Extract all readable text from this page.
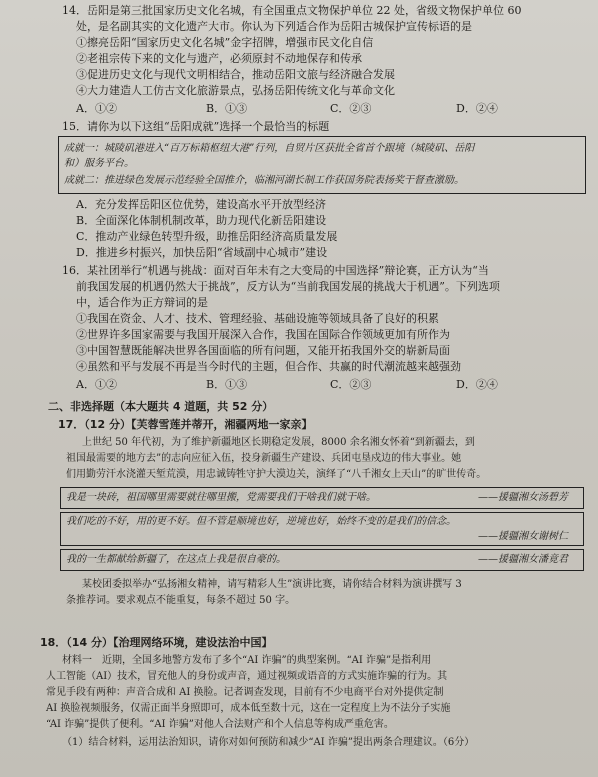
14．岳阳是第三批国家历史文化名城，有全国重点文物保护单位 22 处，省级文物保护单位 60
处，是名副其实的文化遗产大市。你认为下列适合作为岳阳古城保护宣传标语的是
①擦亮岳阳“国家历史文化名城”金字招牌，增强市民文化自信
②老祖宗传下来的文化与遗产，必须原封不动地保存和传承
③促进历史文化与现代文明相结合，推动岳阳文旅与经济融合发展
④大力建造人工仿古文化旅游景点，弘扬岳阳传统文化与革命文化
A．①②	B．①③	C．②③	D．②④
15．请你为以下这组“岳阳成就”选择一个最恰当的标题
成就一：城陵矶港进入“百万标箱枢纽大港”行列，自贸片区获批全省首个跟境（城陵矶、岳阳
和）服务平台。
成就二：推进绿色发展示范经验全国推介，临湘河湖长制工作获国务院表扬奖干督查激励。
A．充分发挥岳阳区位优势，建设高水平开放型经济
B．全面深化体制机制改革，助力现代化新岳阳建设
C．推动产业绿色转型升级，助推岳阳经济高质量发展
D．推进乡村振兴，加快岳阳“省域副中心城市”建设
16．某社团举行“机遇与挑战：面对百年未有之大变局的中国选择”辩论赛，正方认为“当
前我国发展的机遇仍然大于挑战”，反方认为“当前我国发展的挑战大于机遇”。下列选项
中，适合作为正方辩词的是
①我国在资金、人才、技术、管理经验、基础设施等领域具备了良好的积累
②世界许多国家需要与我国开展深入合作，我国在国际合作领域更加有所作为
③中国智慧既能解决世界各国面临的所有问题，又能开拓我国外交的崭新局面
④虽然和平与发展不再是当今时代的主题，但合作、共赢的时代潮流越来越强劲
A．①②	B．①③	C．②③	D．②④
二、非选择题（本大题共 4 道题，共 52 分）
17．（12 分）【芙蓉雪莲并蒂开，湘疆两地一家亲】
上世纪 50 年代初，为了维护新疆地区长期稳定发展，8000 余名湘女怀着“到新疆去，到
祖国最需要的地方去”的志向应征入伍，投身新疆生产建设、兵团屯垦戍边的伟大事业。她
们用勤劳汗水浇灌天堑荒漠，用忠诚铸牲守护大漠边关，演绎了“八千湘女上天山”的旷世传奇。
我是一块砖，祖国哪里需要就往哪里搬，党需要我们干啥我们就干啥。	——援疆湘女汤碧芳
我们吃的不好，用的更不好。但不管是顺境也好，逆境也好，始终不变的是我们的信念。
——援疆湘女谢树仁
我的一生都献给新疆了，在这点上我是很自豪的。	——援疆湘女潘竟君
某校团委拟举办“弘扬湘女精神，请写精彩人生”演讲比赛，请你结合材料为演讲撰写 3
条推荐词。要求观点不能重复，每条不超过 50 字。
18．（14 分）【治理网络环境，建设法治中国】
材料一　近期，全国多地警方发布了多个“AI 诈骗”的典型案例。“AI 诈骗”是指利用
人工智能（AI）技术，冒充他人的身份或声音，通过视频或语音的方式实施诈骗的行为。其
常见手段有两种：声音合成和 AI 换脸。记者调查发现，目前有不少电商平台对外提供定制
AI 换脸视频服务，仅需正面半身照即可，成本低至数十元，这在一定程度上为不法分子实施
“AI 诈骗”提供了便利。“AI 诈骗”对他人合法财产和个人信息等构成严重危害。
（1）结合材料，运用法治知识，请你对如何预防和减少“AI 诈骗”提出两条合理建议。（6分）
